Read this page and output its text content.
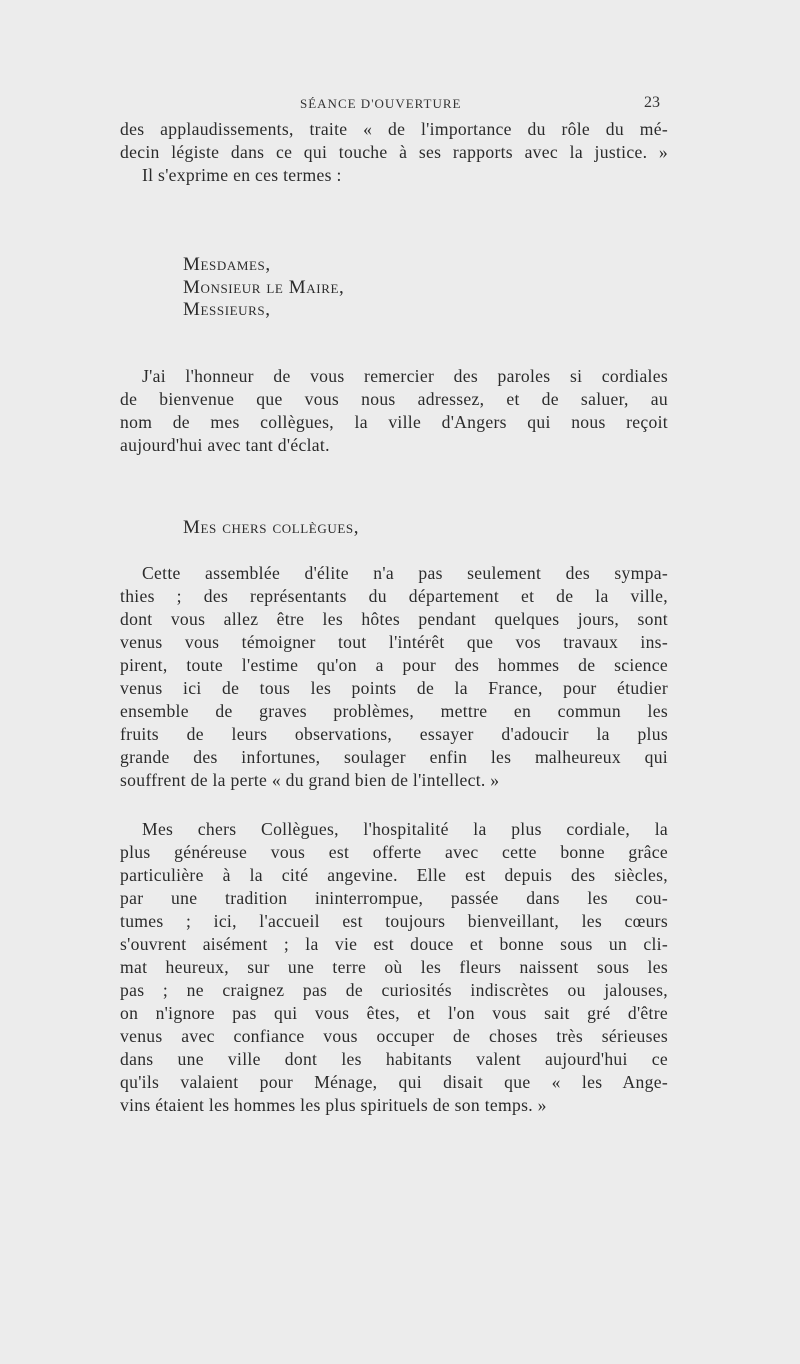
SÉANCE D'OUVERTURE	23

des applaudissements, traite « de l'importance du rôle du mé-
decin légiste dans ce qui touche à ses rapports avec la justice. »
Il s'exprime en ces termes :

Mesdames,
Monsieur le Maire,
Messieurs,

J'ai l'honneur de vous remercier des paroles si cordiales
de bienvenue que vous nous adressez, et de saluer, au
nom de mes collègues, la ville d'Angers qui nous reçoit
aujourd'hui avec tant d'éclat.

Mes chers collègues,

Cette assemblée d'élite n'a pas seulement des sympa-
thies ; des représentants du département et de la ville,
dont vous allez être les hôtes pendant quelques jours, sont
venus vous témoigner tout l'intérêt que vos travaux ins-
pirent, toute l'estime qu'on a pour des hommes de science
venus ici de tous les points de la France, pour étudier
ensemble de graves problèmes, mettre en commun les
fruits de leurs observations, essayer d'adoucir la plus
grande des infortunes, soulager enfin les malheureux qui
souffrent de la perte « du grand bien de l'intellect. »

Mes chers Collègues, l'hospitalité la plus cordiale, la
plus généreuse vous est offerte avec cette bonne grâce
particulière à la cité angevine. Elle est depuis des siècles,
par une tradition ininterrompue, passée dans les cou-
tumes ; ici, l'accueil est toujours bienveillant, les cœurs
s'ouvrent aisément ; la vie est douce et bonne sous un cli-
mat heureux, sur une terre où les fleurs naissent sous les
pas ; ne craignez pas de curiosités indiscrètes ou jalouses,
on n'ignore pas qui vous êtes, et l'on vous sait gré d'être
venus avec confiance vous occuper de choses très sérieuses
dans une ville dont les habitants valent aujourd'hui ce
qu'ils valaient pour Ménage, qui disait que « les Ange-
vins étaient les hommes les plus spirituels de son temps. »
